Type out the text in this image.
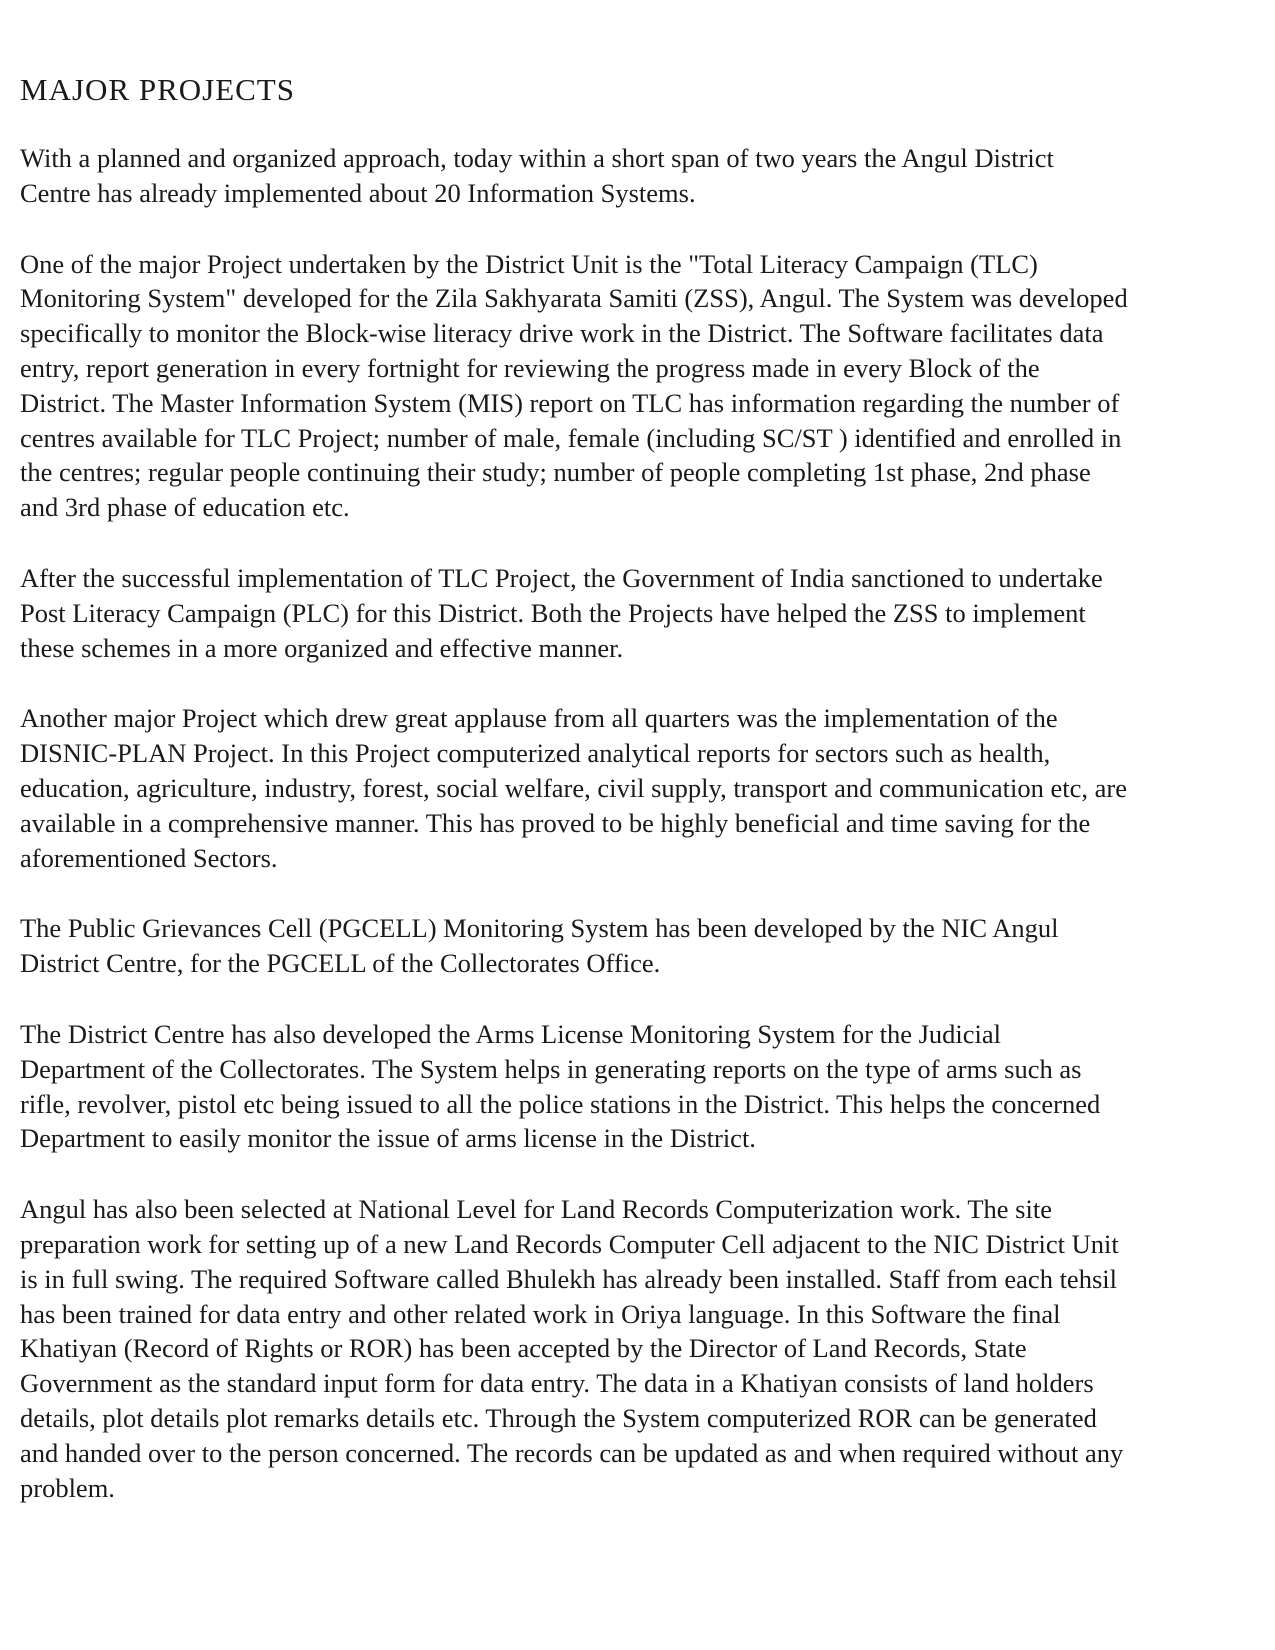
MAJOR PROJECTS

With a planned and organized approach, today within a short span of two years the Angul District
Centre has already implemented about 20 Information Systems.

One of the major Project undertaken by the District Unit is the "Total Literacy Campaign (TLC)
Monitoring System" developed for the Zila Sakhyarata Samiti (ZSS), Angul. The System was developed
specifically to monitor the Block-wise literacy drive work in the District. The Software facilitates data
entry, report generation in every fortnight for reviewing the progress made in every Block of the
District. The Master Information System (MIS) report on TLC has information regarding the number of
centres available for TLC Project; number of male, female (including SC/ST ) identified and enrolled in
the centres; regular people continuing their study; number of people completing 1st phase, 2nd phase
and 3rd phase of education etc.

After the successful implementation of TLC Project, the Government of India sanctioned to undertake
Post Literacy Campaign (PLC) for this District. Both the Projects have helped the ZSS to implement
these schemes in a more organized and effective manner.

Another major Project which drew great applause from all quarters was the implementation of the
DISNIC-PLAN Project. In this Project computerized analytical reports for sectors such as health,
education, agriculture, industry, forest, social welfare, civil supply, transport and communication etc, are
available in a comprehensive manner. This has proved to be highly beneficial and time saving for the
aforementioned Sectors.

The Public Grievances Cell (PGCELL) Monitoring System has been developed by the NIC Angul
District Centre, for the PGCELL of the Collectorates Office.

The District Centre has also developed the Arms License Monitoring System for the Judicial
Department of the Collectorates. The System helps in generating reports on the type of arms such as
rifle, revolver, pistol etc being issued to all the police stations in the District. This helps the concerned
Department to easily monitor the issue of arms license in the District.

Angul has also been selected at National Level for Land Records Computerization work. The site
preparation work for setting up of a new Land Records Computer Cell adjacent to the NIC District Unit
is in full swing. The required Software called Bhulekh has already been installed. Staff from each tehsil
has been trained for data entry and other related work in Oriya language. In this Software the final
Khatiyan (Record of Rights or ROR) has been accepted by the Director of Land Records, State
Government as the standard input form for data entry. The data in a Khatiyan consists of land holders
details, plot details plot remarks details etc. Through the System computerized ROR can be generated
and handed over to the person concerned. The records can be updated as and when required without any
problem.
